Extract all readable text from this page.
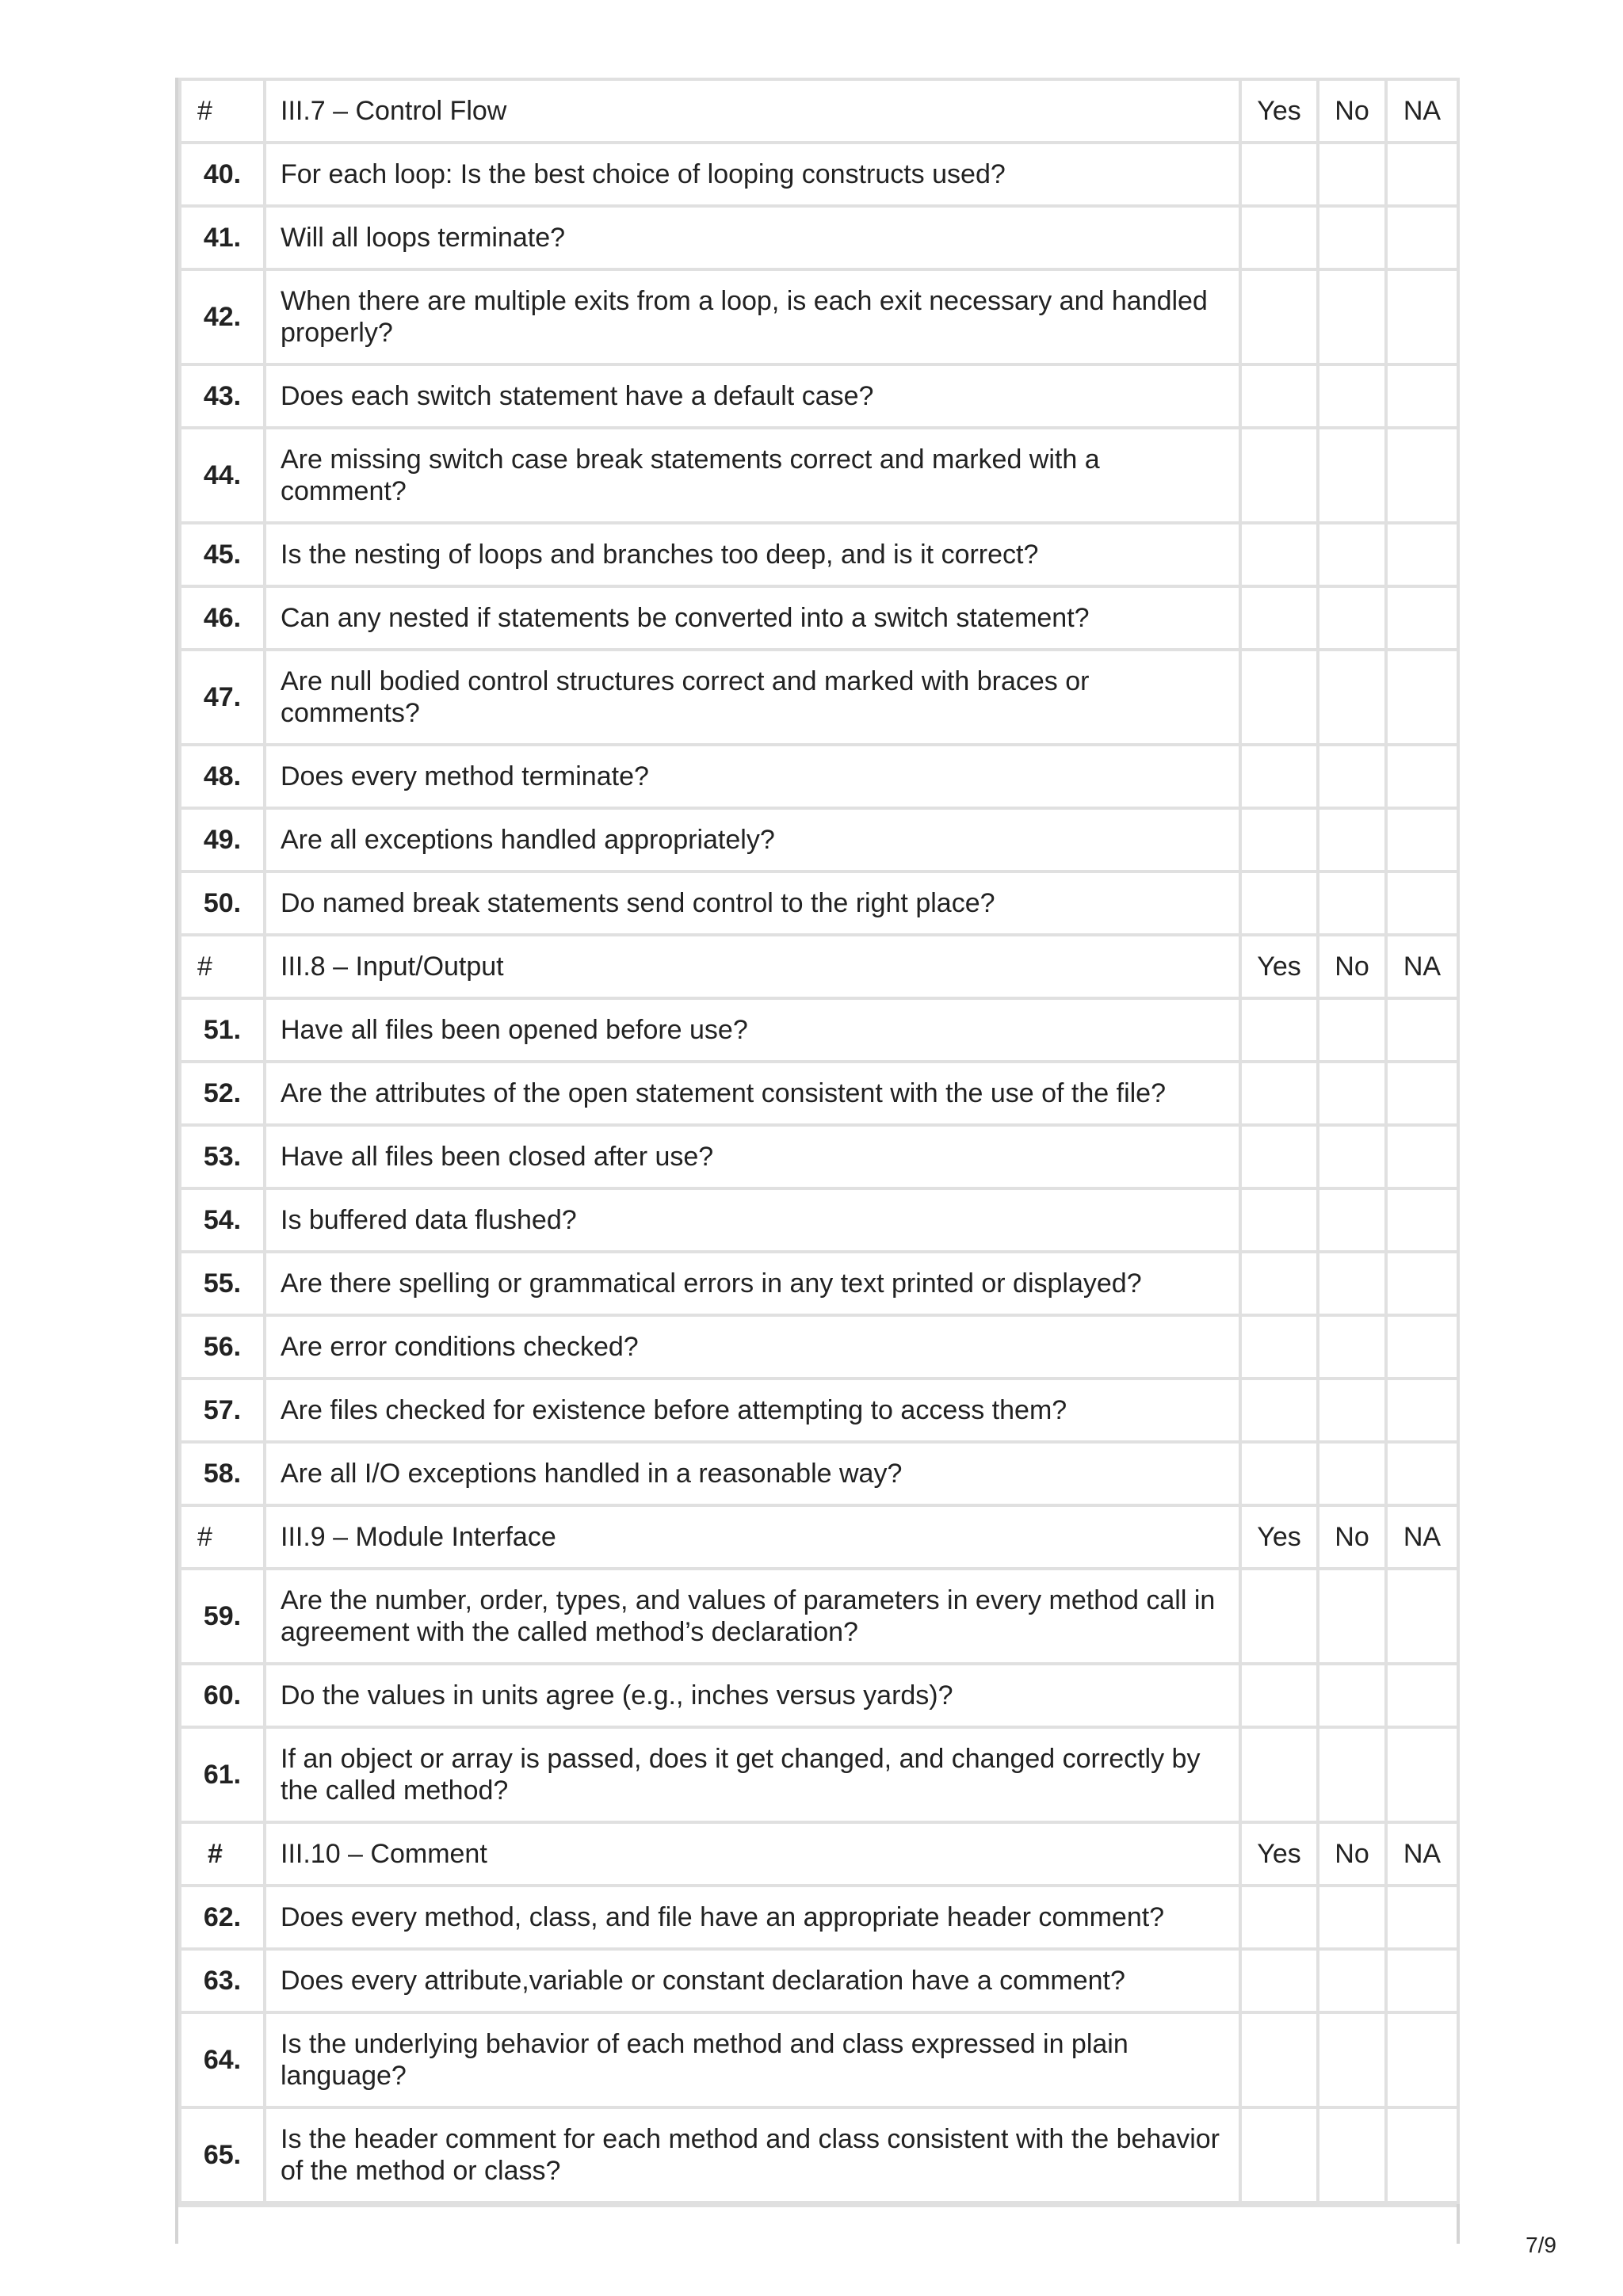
#	III.7 – Control Flow	Yes	No	NA
40.	For each loop: Is the best choice of looping constructs used?			
41.	Will all loops terminate?			
42.	When there are multiple exits from a loop, is each exit necessary and handled properly?			
43.	Does each switch statement have a default case?			
44.	Are missing switch case break statements correct and marked with a comment?			
45.	Is the nesting of loops and branches too deep, and is it correct?			
46.	Can any nested if statements be converted into a switch statement?			
47.	Are null bodied control structures correct and marked with braces or comments?			
48.	Does every method terminate?			
49.	Are all exceptions handled appropriately?			
50.	Do named break statements send control to the right place?			
#	III.8 – Input/Output	Yes	No	NA
51.	Have all files been opened before use?			
52.	Are the attributes of the open statement consistent with the use of the file?			
53.	Have all files been closed after use?			
54.	Is buffered data flushed?			
55.	Are there spelling or grammatical errors in any text printed or displayed?			
56.	Are error conditions checked?			
57.	Are files checked for existence before attempting to access them?			
58.	Are all I/O exceptions handled in a reasonable way?			
#	III.9 – Module Interface	Yes	No	NA
59.	Are the number, order, types, and values of parameters in every method call in agreement with the called method’s declaration?			
60.	Do the values in units agree (e.g., inches versus yards)?			
61.	If an object or array is passed, does it get changed, and changed correctly by the called method?			
#	III.10 – Comment	Yes	No	NA
62.	Does every method, class, and file have an appropriate header comment?			
63.	Does every attribute,variable or constant declaration have a comment?			
64.	Is the underlying behavior of each method and class expressed in plain language?			
65.	Is the header comment for each method and class consistent with the behavior of the method or class?			
7/9
